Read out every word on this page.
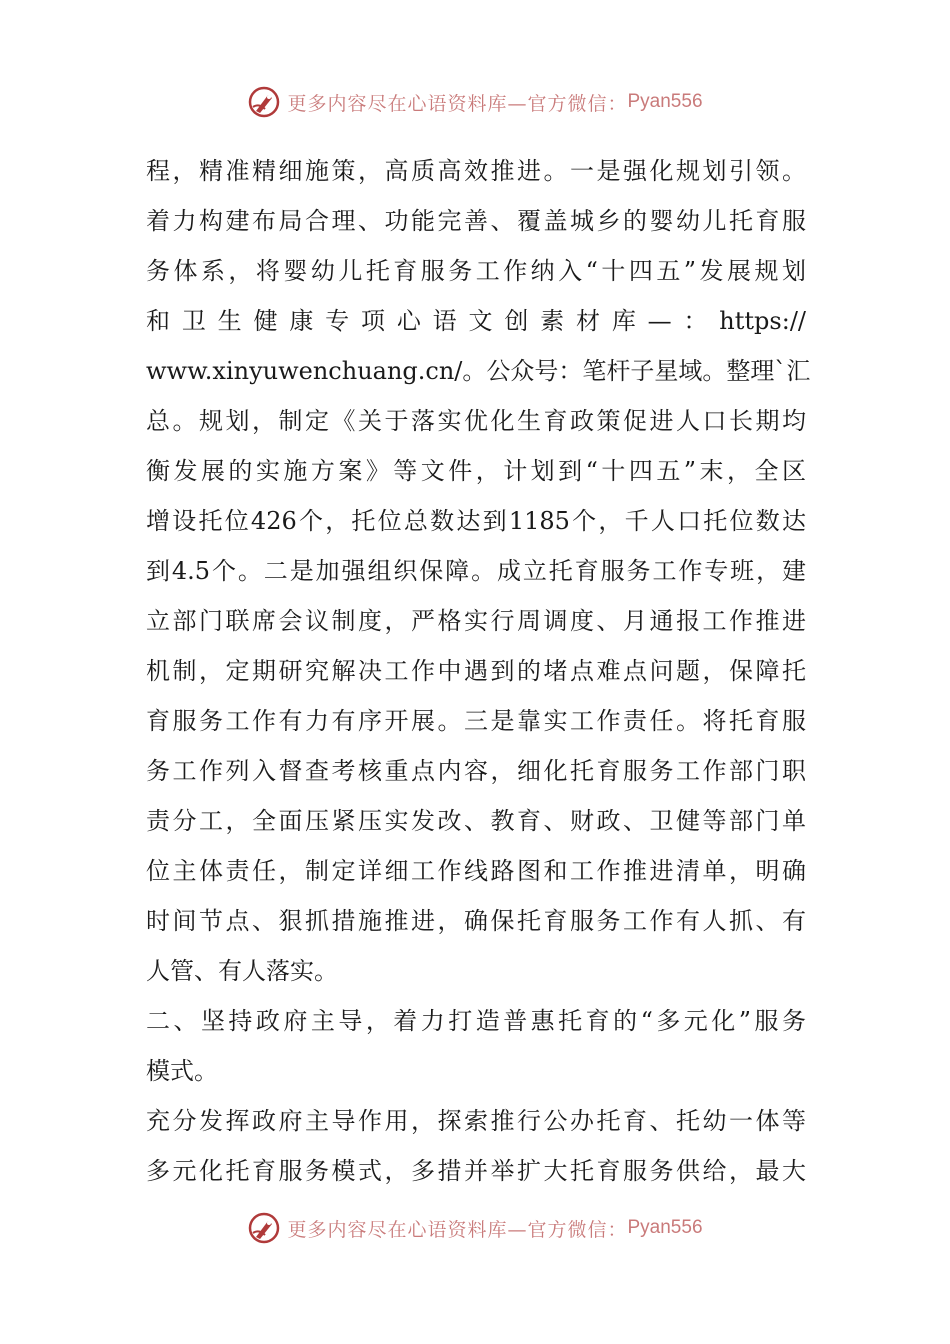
更多内容尽在心语资料库—官方微信： Pyan556
程，精准精细施策，高质高效推进。一是强化规划引领。
着力构建布局合理、功能完善、覆盖城乡的婴幼儿托育服
务体系，将婴幼儿托育服务工作纳入“十四五”发展规划
和卫生健康专项心语文创素材库—：https://
www.xinyuwenchuang.cn/。公众号：笔杆子星域。整理`汇
总。规划，制定《关于落实优化生育政策促进人口长期均
衡发展的实施方案》等文件，计划到“十四五”末，全区
增设托位426个，托位总数达到1185个，千人口托位数达
到4.5个。二是加强组织保障。成立托育服务工作专班，建
立部门联席会议制度，严格实行周调度、月通报工作推进
机制，定期研究解决工作中遇到的堵点难点问题，保障托
育服务工作有力有序开展。三是靠实工作责任。将托育服
务工作列入督查考核重点内容，细化托育服务工作部门职
责分工，全面压紧压实发改、教育、财政、卫健等部门单
位主体责任，制定详细工作线路图和工作推进清单，明确
时间节点、狠抓措施推进，确保托育服务工作有人抓、有
人管、有人落实。
二、坚持政府主导，着力打造普惠托育的“多元化”服务
模式。
充分发挥政府主导作用，探索推行公办托育、托幼一体等
多元化托育服务模式，多措并举扩大托育服务供给，最大
更多内容尽在心语资料库—官方微信： Pyan556
